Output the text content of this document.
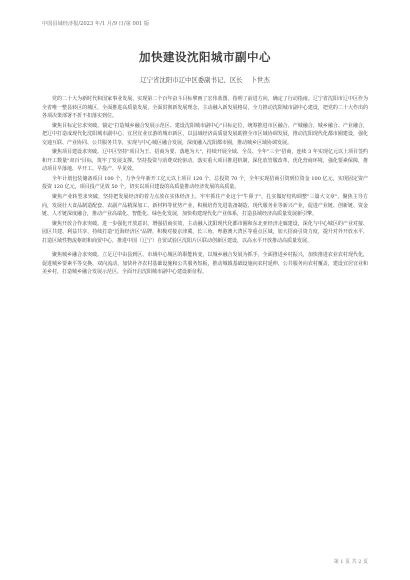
中国县域经济报/2023 年/1 月/9 日/第 001 版
加快建设沈阳城市副中心
辽宁省沈阳市辽中区委副书记、区长 卜世杰

党的二十大为新时代和国家事业发展、实现第二个百年奋斗目标擘画了宏伟蓝图、指明了前进方向，确定了行动指南。辽宁省沈阳市辽中区作为全省唯一整县转区的城区，全面推进高质量发展，全面贯彻新发展理念，主动融入新发展格局，全力推动沈阳城市副中心建设，把党的二十大作出的各项决策部署不折不扣落实到位。

聚焦目标定位求突破。锚定"打造城乡融合发展示范区、建设沈阳城市副中心"目标定位，统筹推进市区融合、产城融合、城乡融合、产业融合，把辽中打造成现代化沈阳城市副中心、宜居宜业宜游的城市新区，以县域经济高质量发展助推全市区域协调发展，推动沈阳现代化都市圈建设，强化交通互联、产业协同、公共服务共享，实现与中心城区融合发展，深度融入沈阳都市圈，推动城乡区域协调发展。

聚焦项目建设求突破。辽中区坚持"项目为王、招商为要、落地为大"，持续开展全域、全员、全年"三全"招商，连续 3 年实现亿元以上项目签约和开工数量"双百"目标，筑牢了发展支撑。坚持投资与消费双轮驱动，落实重大项目推进机制，深化放管服改革，优化营商环境，强化要素保障，推动项目早落地、早开工、早投产、早见效。

全年计划包装储备项目 100 个，力争全年新开工亿元以上项目 120 个，总投资 70 个，全年实现招商引资到位资金 100 亿元，实现固定资产投资 120 亿元，项目投产见效 50 个，切实以项目建设的高质量推动经济发展的高质量。

聚焦产业转型求突破。坚持把发展经济的着力点放在实体经济上，牢牢抓住产业这个"牛鼻子"，扎实做好结构调整"三篇大文章"，聚焦主导方向，发展壮大食品制造配套、农副产品精深加工、新材料等优势产业，积极培育先进装备制造、现代服务业等新兴产业，促进产业链、创新链、资金链、人才链深度融合，推动产业高端化、智能化、绿色化发展，加快构建现代化产业体系，打造县域经济高质量发展新引擎。

聚焦开放合作求突破。进一步强化开放意识，增强招商实效，主动融入沈阳现代化都市圈和东北亚经济走廊建设，深化与中心城区的产业对接、园区共建、利益共享，持续打造"近海经济区"品牌，积极对接京津冀、长三角、粤港澳大湾区等重点区域，加大招商引资力度，提升对外开放水平，打造区域性物流枢纽和商贸中心，推进中国（辽宁）自贸试验区沈阳片区联动创新区建设，以高水平开放推动高质量发展。

聚焦城乡融合求突破。立足辽中由县到区、市域中心城区的职能转变，以城乡融合发展为抓手，全面推进乡村振兴，加快推进农业农村现代化，促进城乡要素平等交换、双向流动，加快补齐农村基础设施和公共服务短板，推动城镇基础设施向农村延伸、公共服务向农村覆盖，建设宜居宜业和美乡村，打造城乡融合发展示范区，全面开启沈阳城市副中心建设新征程。

第 1 页 共 2 页
